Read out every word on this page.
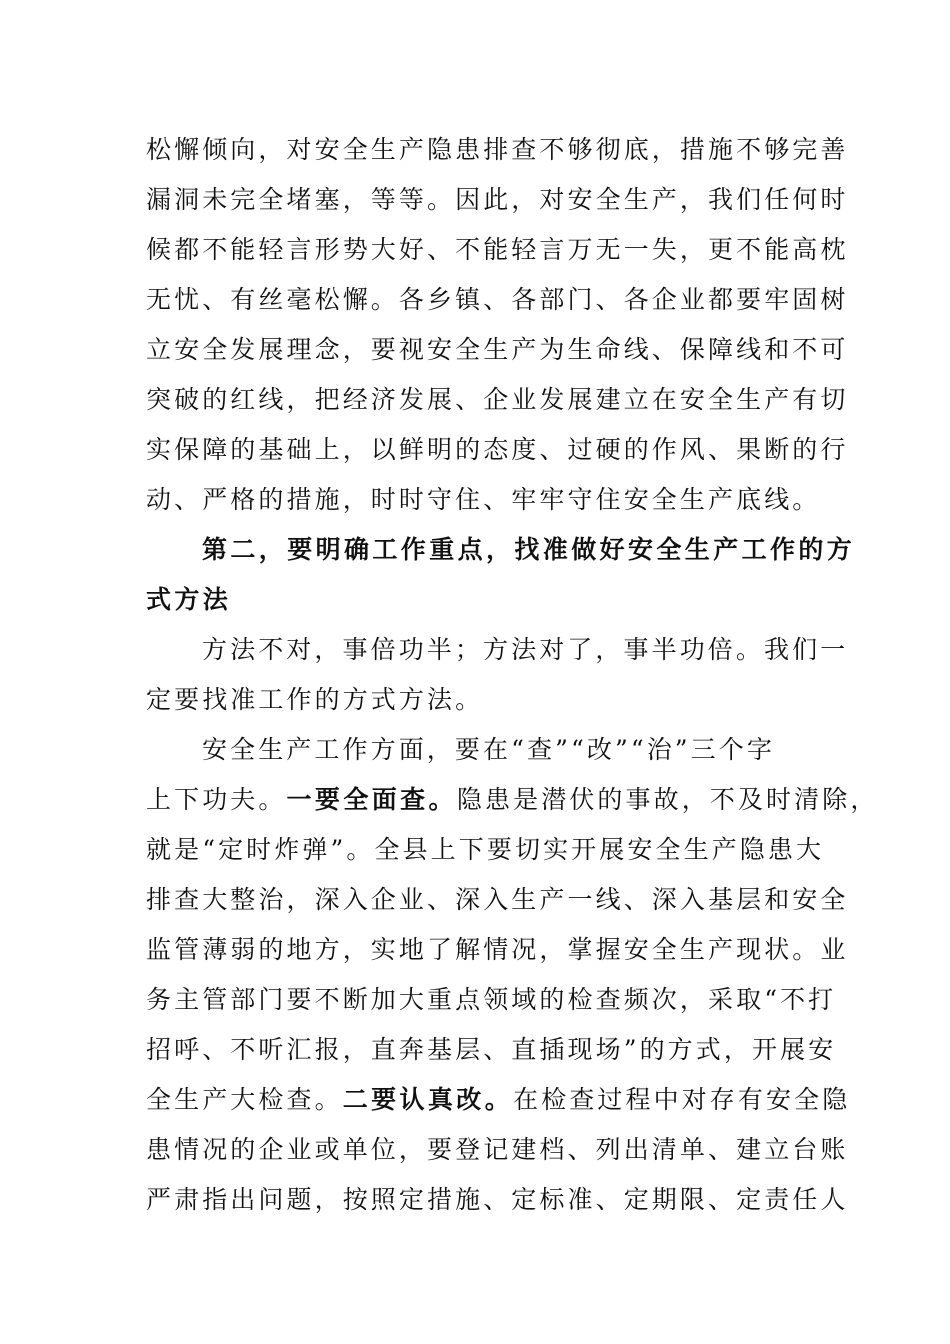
松懈倾向，对安全生产隐患排查不够彻底，措施不够完善
漏洞未完全堵塞，等等。因此，对安全生产，我们任何时
候都不能轻言形势大好、不能轻言万无一失，更不能高枕
无忧、有丝毫松懈。各乡镇、各部门、各企业都要牢固树
立安全发展理念，要视安全生产为生命线、保障线和不可
突破的红线，把经济发展、企业发展建立在安全生产有切
实保障的基础上，以鲜明的态度、过硬的作风、果断的行
动、严格的措施，时时守住、牢牢守住安全生产底线。
第二，要明确工作重点，找准做好安全生产工作的方
式方法
方法不对，事倍功半；方法对了，事半功倍。我们一
定要找准工作的方式方法。
安全生产工作方面，要在“查”“改”“治”三个字
上下功夫。一要全面查。隐患是潜伏的事故，不及时清除，
就是“定时炸弹”。全县上下要切实开展安全生产隐患大
排查大整治，深入企业、深入生产一线、深入基层和安全
监管薄弱的地方，实地了解情况，掌握安全生产现状。业
务主管部门要不断加大重点领域的检查频次，采取“不打
招呼、不听汇报，直奔基层、直插现场”的方式，开展安
全生产大检查。二要认真改。在检查过程中对存有安全隐
患情况的企业或单位，要登记建档、列出清单、建立台账
严肃指出问题，按照定措施、定标准、定期限、定责任人
